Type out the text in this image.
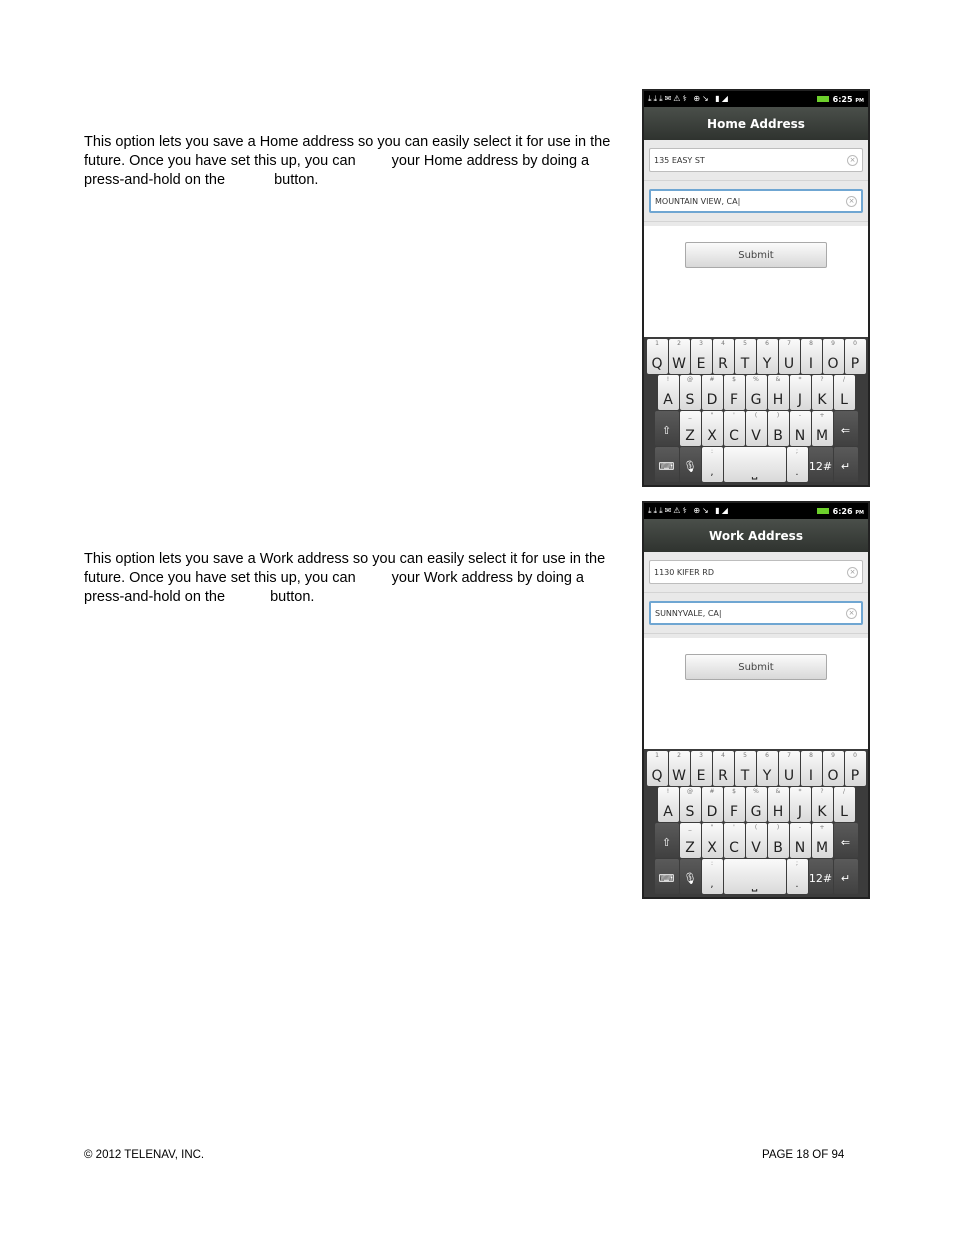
This option lets you save a Home address so you can easily select it for use in the
future. Once you have set this up, you can your Home address by doing a
press-and-hold on the	button.

⤓⤓⤓✉⚠⚕ ⊕↘ ▮◢	6:25 PM
Home Address
135 EASY ST	×
MOUNTAIN VIEW, CA|	×
Submit
1
Q
2
W
3
E
4
R
5
T
6
Y
7
U
8
I
9
O
0
P
!
A
@
S
#
D
$
F
%
G
&
H
*
J
?
K
/
L
⇧
_
Z
"
X
'
C
(
V
)
B
-
N
+
M	⇐
⌨ 🎙
:
,	⎵
;
. 12# ↵

This option lets you save a Work address so you can easily select it for use in the
future. Once you have set this up, you can your Work address by doing a
press-and-hold on the	button.

⤓⤓⤓✉⚠⚕ ⊕↘ ▮◢	6:26 PM
Work Address
1130 KIFER RD	×
SUNNYVALE, CA|	×
Submit
1
Q
2
W
3
E
4
R
5
T
6
Y
7
U
8
I
9
O
0
P
!
A
@
S
#
D
$
F
%
G
&
H
*
J
?
K
/
L
⇧
_
Z
"
X
'
C
(
V
)
B
-
N
+
M	⇐
⌨ 🎙
:
,	⎵
;
. 12# ↵
© 2012 TELENAV, INC.	PAGE 18 OF 94
